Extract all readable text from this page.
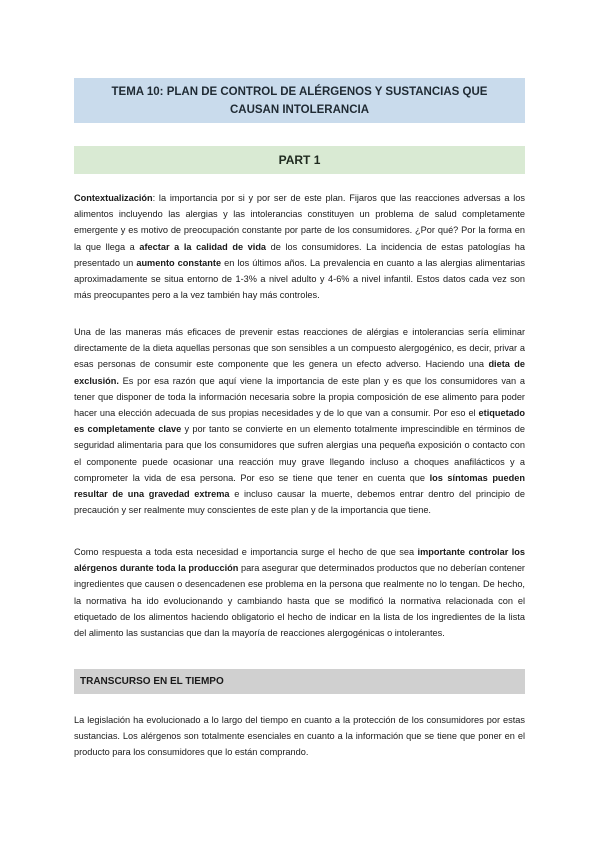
TEMA 10: PLAN DE CONTROL DE ALÉRGENOS Y SUSTANCIAS QUE CAUSAN INTOLERANCIA
PART 1

Contextualización: la importancia por si y por ser de este plan. Fijaros que las reacciones adversas a los alimentos incluyendo las alergias y las intolerancias constituyen un problema de salud completamente emergente y es motivo de preocupación constante por parte de los consumidores. ¿Por qué? Por la forma en la que llega a afectar a la calidad de vida de los consumidores. La incidencia de estas patologías ha presentado un aumento constante en los últimos años. La prevalencia en cuanto a las alergias alimentarias aproximadamente se situa entorno de 1-3% a nivel adulto y 4-6% a nivel infantil. Estos datos cada vez son más preocupantes pero a la vez también hay más controles.

Una de las maneras más eficaces de prevenir estas reacciones de alérgias e intolerancias sería eliminar directamente de la dieta aquellas personas que son sensibles a un compuesto alergogénico, es decir, privar a esas personas de consumir este componente que les genera un efecto adverso. Haciendo una dieta de exclusión. Es por esa razón que aquí viene la importancia de este plan y es que los consumidores van a tener que disponer de toda la información necesaria sobre la propia composición de ese alimento para poder hacer una elección adecuada de sus propias necesidades y de lo que van a consumir. Por eso el etiquetado es completamente clave y por tanto se convierte en un elemento totalmente imprescindible en términos de seguridad alimentaria para que los consumidores que sufren alergias una pequeña exposición o contacto con el componente puede ocasionar una reacción muy grave llegando incluso a choques anafilácticos y a comprometer la vida de esa persona. Por eso se tiene que tener en cuenta que los síntomas pueden resultar de una gravedad extrema e incluso causar la muerte, debemos entrar dentro del principio de precaución y ser realmente muy conscientes de este plan y de la importancia que tiene.

Como respuesta a toda esta necesidad e importancia surge el hecho de que sea importante controlar los alérgenos durante toda la producción para asegurar que determinados productos que no deberían contener ingredientes que causen o desencadenen ese problema en la persona que realmente no lo tengan. De hecho, la normativa ha ido evolucionando y cambiando hasta que se modificó la normativa relacionada con el etiquetado de los alimentos haciendo obligatorio el hecho de indicar en la lista de los ingredientes de la lista del alimento las sustancias que dan la mayoría de reacciones alergogénicas o intolerantes.

TRANSCURSO EN EL TIEMPO

La legislación ha evolucionado a lo largo del tiempo en cuanto a la protección de los consumidores por estas sustancias. Los alérgenos son totalmente esenciales en cuanto a la información que se tiene que poner en el producto para los consumidores que lo están comprando.
